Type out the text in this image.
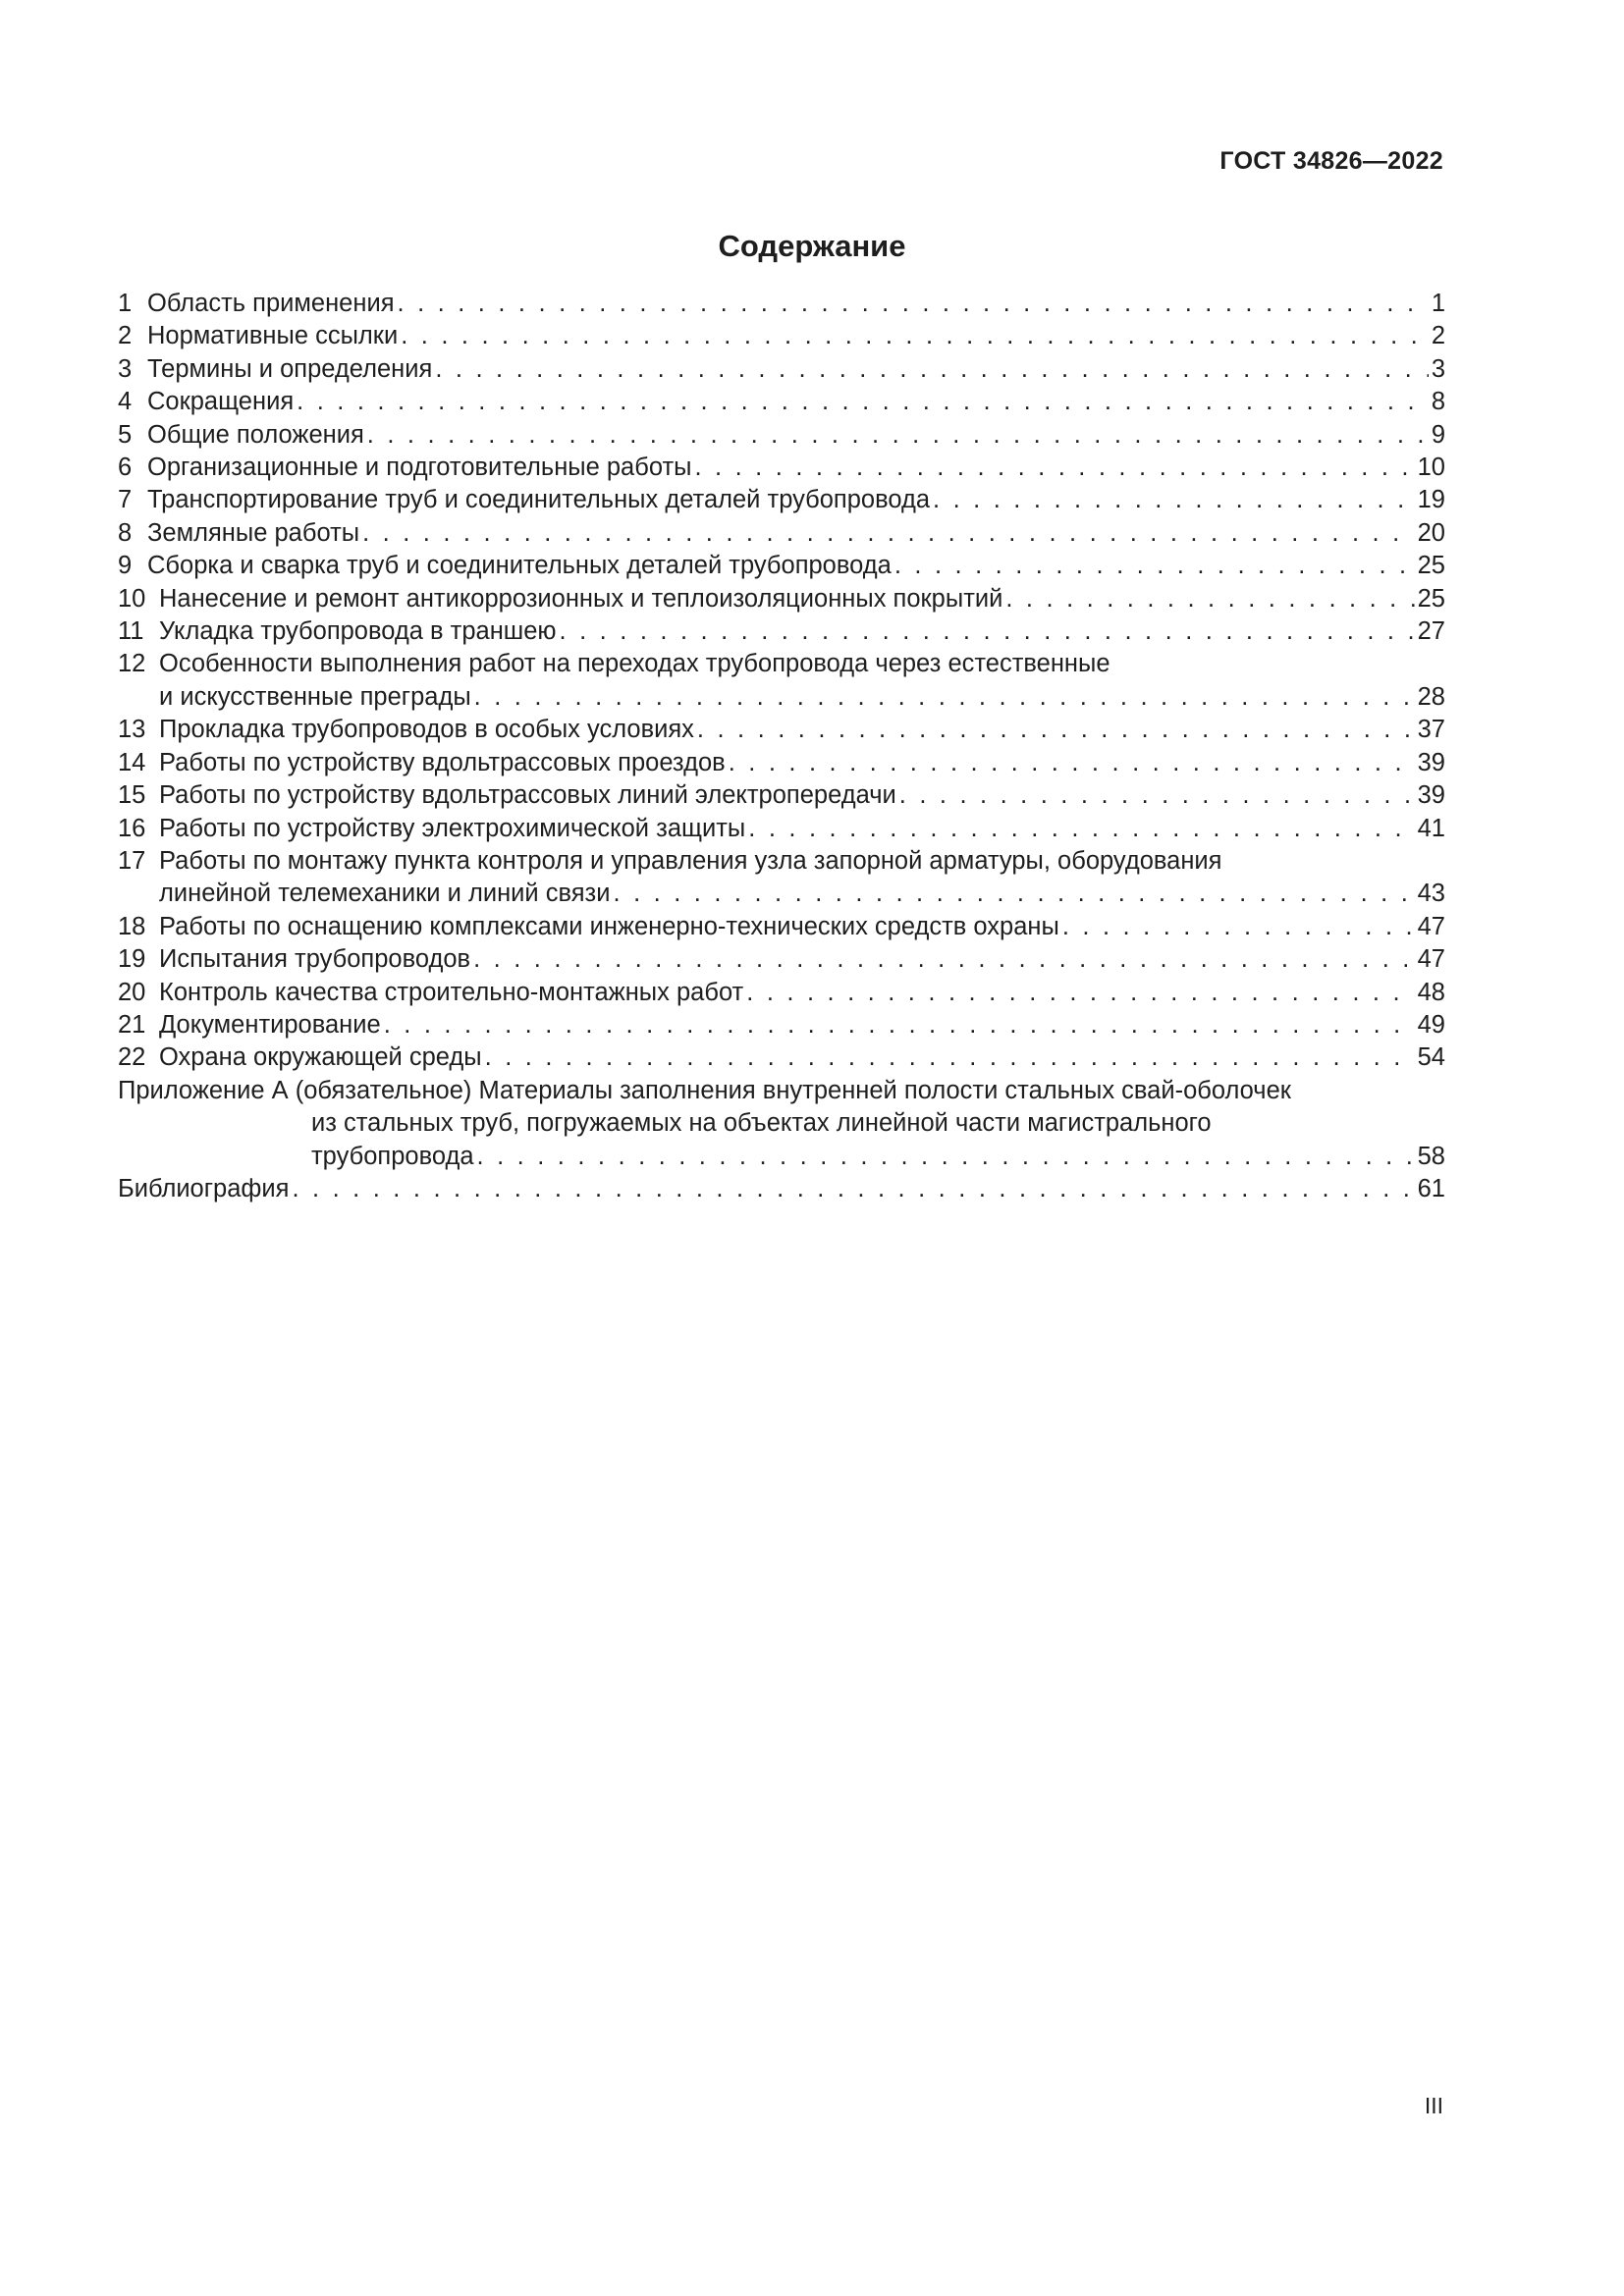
ГОСТ 34826—2022
Содержание
1 Область применения . . .	1
2 Нормативные ссылки . . .	2
3 Термины и определения . . .	3
4 Сокращения . . .	8
5 Общие положения . . .	9
6 Организационные и подготовительные работы . . .	10
7 Транспортирование труб и соединительных деталей трубопровода . . .	19
8 Земляные работы . . .	20
9 Сборка и сварка труб и соединительных деталей трубопровода . . .	25
10 Нанесение и ремонт антикоррозионных и теплоизоляционных покрытий . . .	25
11 Укладка трубопровода в траншею . . .	27
12 Особенности выполнения работ на переходах трубопровода через естественные
и искусственные преграды . . .	28
13 Прокладка трубопроводов в особых условиях . . .	37
14 Работы по устройству вдольтрассовых проездов . . .	39
15 Работы по устройству вдольтрассовых линий электропередачи . . .	39
16 Работы по устройству электрохимической защиты . . .	41
17 Работы по монтажу пункта контроля и управления узла запорной арматуры, оборудования
линейной телемеханики и линий связи . . .	43
18 Работы по оснащению комплексами инженерно-технических средств охраны . . .	47
19 Испытания трубопроводов . . .	47
20 Контроль качества строительно-монтажных работ . . .	48
21 Документирование . . .	49
22 Охрана окружающей среды . . .	54
Приложение А (обязательное) Материалы заполнения внутренней полости стальных свай-оболочек
из стальных труб, погружаемых на объектах линейной части магистрального
трубопровода . . .	58
Библиография . . .	61
III
